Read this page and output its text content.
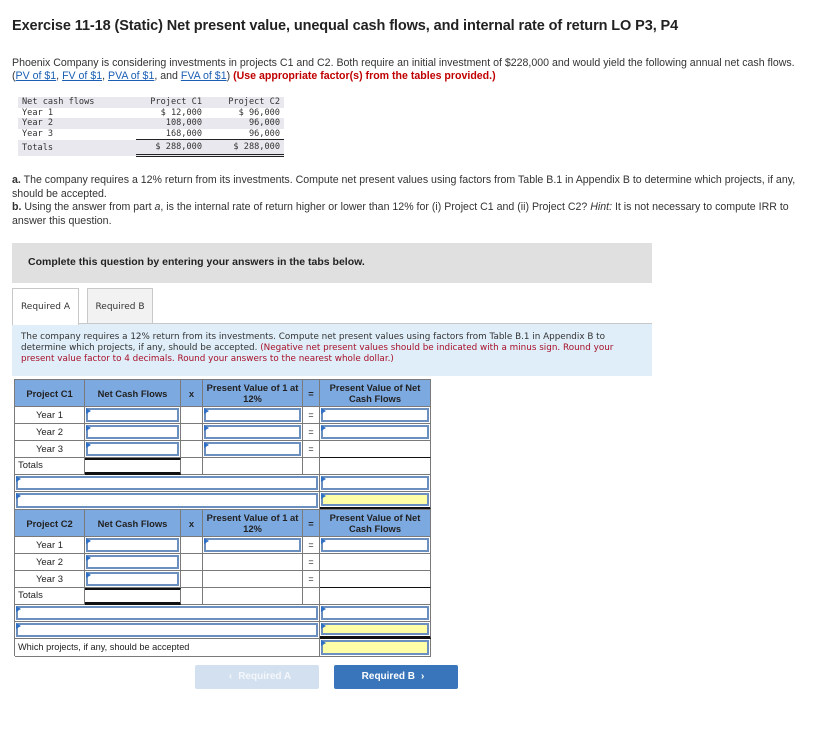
Exercise 11-18 (Static) Net present value, unequal cash flows, and internal rate of return LO P3, P4
Phoenix Company is considering investments in projects C1 and C2. Both require an initial investment of $228,000 and would yield the following annual net cash flows. (PV of $1, FV of $1, PVA of $1, and FVA of $1) (Use appropriate factor(s) from the tables provided.)
Net cash flows	Project C1	Project C2
Year 1	$ 12,000	$ 96,000
Year 2	108,000	96,000
Year 3	168,000	96,000
Totals	$ 288,000	$ 288,000
a. The company requires a 12% return from its investments. Compute net present values using factors from Table B.1 in Appendix B to determine which projects, if any, should be accepted.
b. Using the answer from part a, is the internal rate of return higher or lower than 12% for (i) Project C1 and (ii) Project C2? Hint: It is not necessary to compute IRR to answer this question.
Complete this question by entering your answers in the tabs below.
Required A	Required B
The company requires a 12% return from its investments. Compute net present values using factors from Table B.1 in Appendix B to determine which projects, if any, should be accepted. (Negative net present values should be indicated with a minus sign. Round your present value factor to 4 decimals. Round your answers to the nearest whole dollar.)
Project C1	Net Cash Flows	x	Present Value of 1 at 12%	=	Present Value of Net Cash Flows
Year 1	=
Year 2	=
Year 3	=
Totals
Project C2	Net Cash Flows	x	Present Value of 1 at 12%	=	Present Value of Net Cash Flows
Year 1	=
Year 2	=
Year 3	=
Totals
Which projects, if any, should be accepted
‹ Required A	Required B ›
